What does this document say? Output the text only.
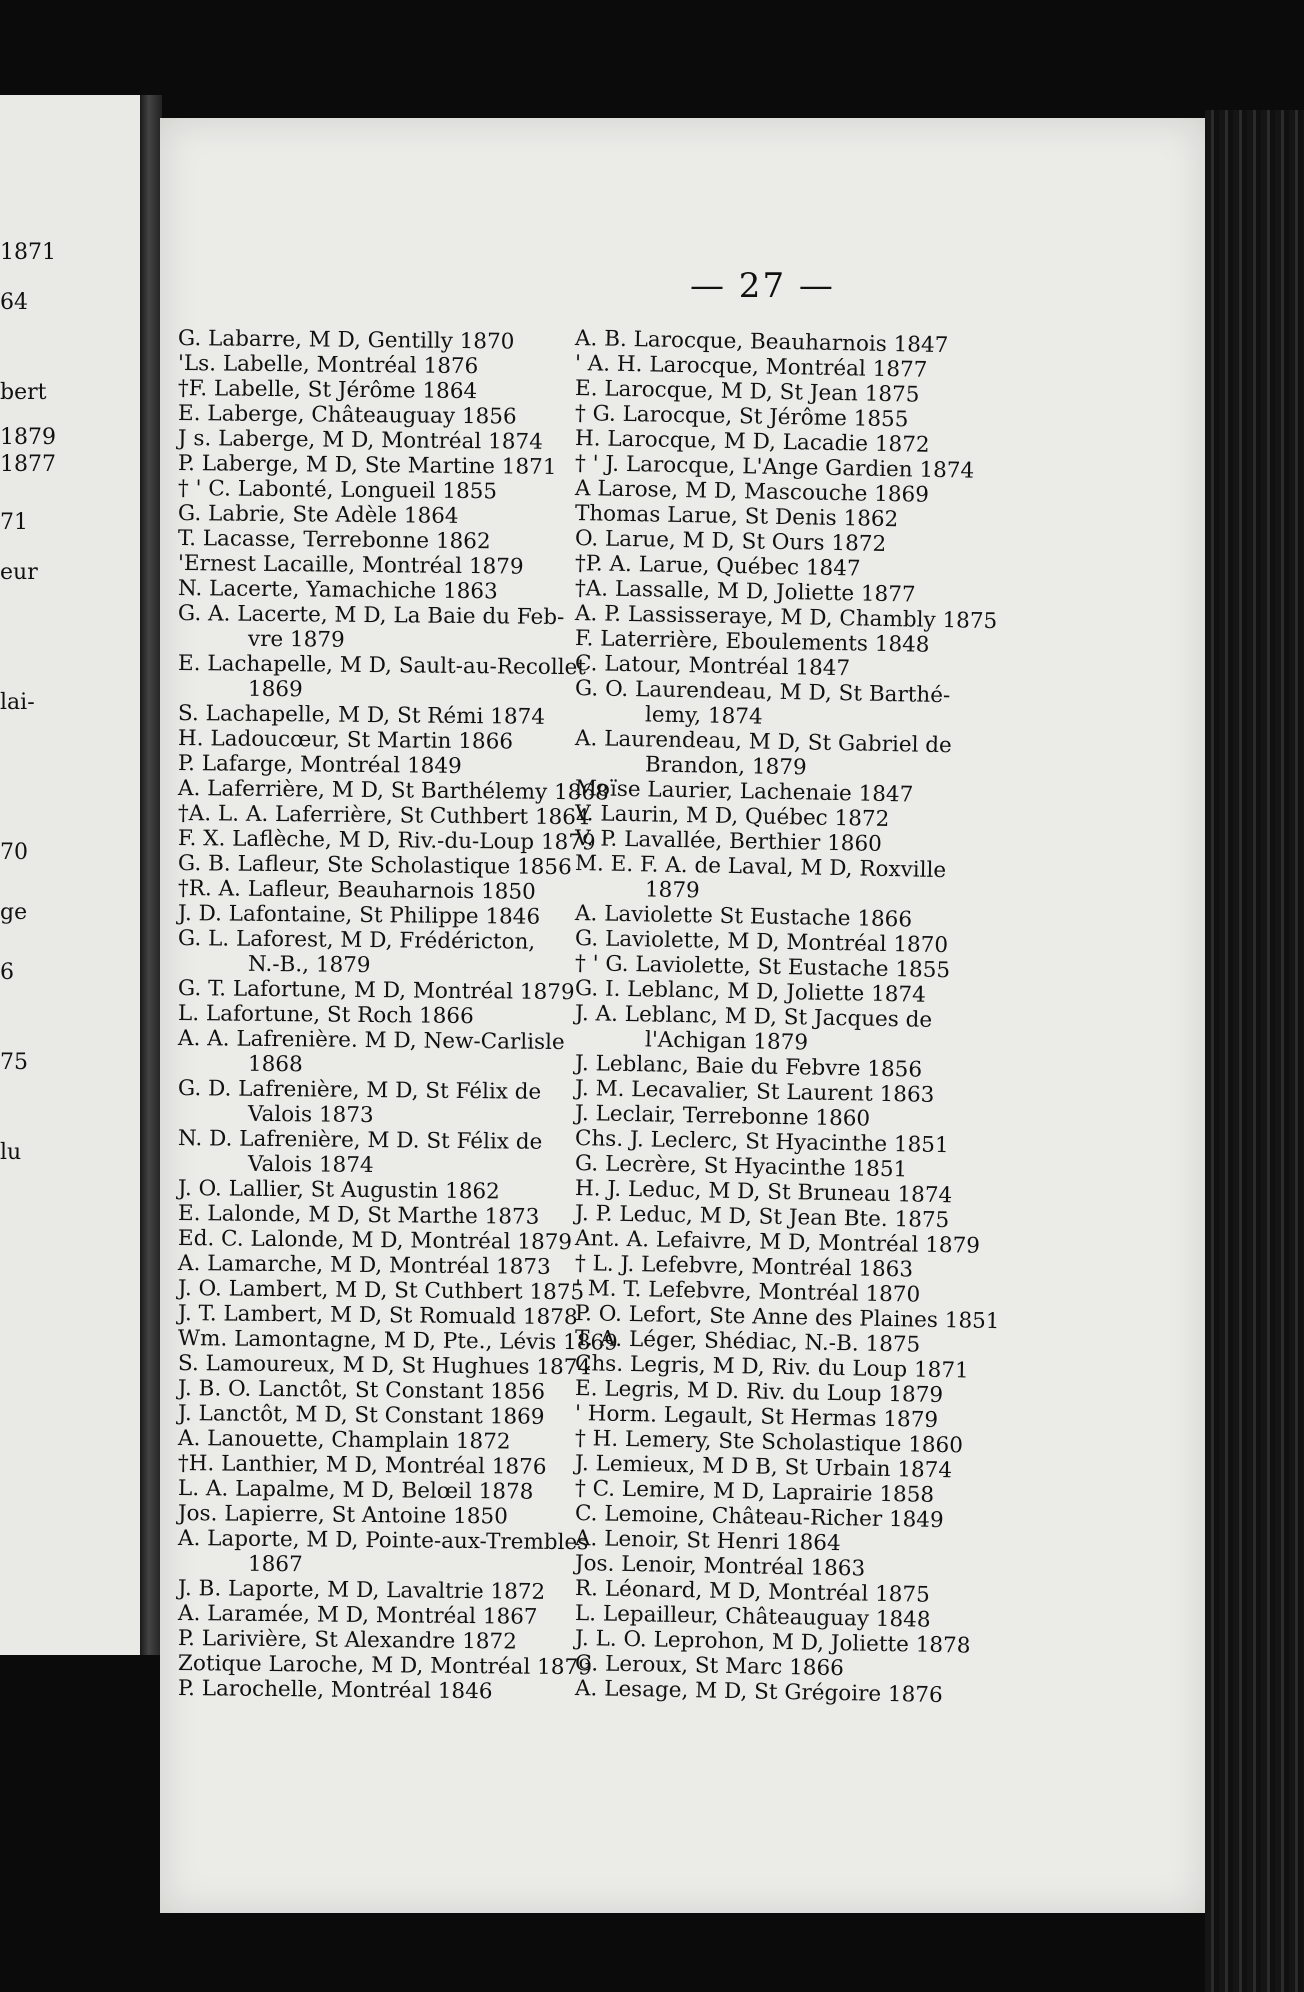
1871
64
bert
1879
1877
71
eur
lai-
70
ge
6
75
lu
— 27 —
G. Labarre, M D, Gentilly 1870
'Ls. Labelle, Montréal 1876
†F. Labelle, St Jérôme 1864
E. Laberge, Châteauguay 1856
J s. Laberge, M D, Montréal 1874
P. Laberge, M D, Ste Martine 1871
† ' C. Labonté, Longueil 1855
G. Labrie, Ste Adèle 1864
T. Lacasse, Terrebonne 1862
'Ernest Lacaille, Montréal 1879
N. Lacerte, Yamachiche 1863
G. A. Lacerte, M D, La Baie du Feb-
vre 1879
E. Lachapelle, M D, Sault-au-Recollet
1869
S. Lachapelle, M D, St Rémi 1874
H. Ladoucœur, St Martin 1866
P. Lafarge, Montréal 1849
A. Laferrière, M D, St Barthélemy 1868
†A. L. A. Laferrière, St Cuthbert 1864
F. X. Laflèche, M D, Riv.-du-Loup 1879
G. B. Lafleur, Ste Scholastique 1856
†R. A. Lafleur, Beauharnois 1850
J. D. Lafontaine, St Philippe 1846
G. L. Laforest, M D, Frédéricton,
N.-B., 1879
G. T. Lafortune, M D, Montréal 1879
L. Lafortune, St Roch 1866
A. A. Lafrenière. M D, New-Carlisle
1868
G. D. Lafrenière, M D, St Félix de
Valois 1873
N. D. Lafrenière, M D. St Félix de
Valois 1874
J. O. Lallier, St Augustin 1862
E. Lalonde, M D, St Marthe 1873
Ed. C. Lalonde, M D, Montréal 1879
A. Lamarche, M D, Montréal 1873
J. O. Lambert, M D, St Cuthbert 1875
J. T. Lambert, M D, St Romuald 1878
Wm. Lamontagne, M D, Pte., Lévis 1869
S. Lamoureux, M D, St Hughues 1874
J. B. O. Lanctôt, St Constant 1856
J. Lanctôt, M D, St Constant 1869
A. Lanouette, Champlain 1872
†H. Lanthier, M D, Montréal 1876
L. A. Lapalme, M D, Belœil 1878
Jos. Lapierre, St Antoine 1850
A. Laporte, M D, Pointe-aux-Trembles
1867
J. B. Laporte, M D, Lavaltrie 1872
A. Laramée, M D, Montréal 1867
P. Larivière, St Alexandre 1872
Zotique Laroche, M D, Montréal 1879
P. Larochelle, Montréal 1846
A. B. Larocque, Beauharnois 1847
' A. H. Larocque, Montréal 1877
E. Larocque, M D, St Jean 1875
† G. Larocque, St Jérôme 1855
H. Larocque, M D, Lacadie 1872
† ' J. Larocque, L'Ange Gardien 1874
A Larose, M D, Mascouche 1869
Thomas Larue, St Denis 1862
O. Larue, M D, St Ours 1872
†P. A. Larue, Québec 1847
†A. Lassalle, M D, Joliette 1877
A. P. Lassisseraye, M D, Chambly 1875
F. Laterrière, Eboulements 1848
C. Latour, Montréal 1847
G. O. Laurendeau, M D, St Barthé-
lemy, 1874
A. Laurendeau, M D, St Gabriel de
Brandon, 1879
Moïse Laurier, Lachenaie 1847
V. Laurin, M D, Québec 1872
V. P. Lavallée, Berthier 1860
M. E. F. A. de Laval, M D, Roxville
1879
A. Laviolette St Eustache 1866
G. Laviolette, M D, Montréal 1870
† ' G. Laviolette, St Eustache 1855
G. I. Leblanc, M D, Joliette 1874
J. A. Leblanc, M D, St Jacques de
l'Achigan 1879
J. Leblanc, Baie du Febvre 1856
J. M. Lecavalier, St Laurent 1863
J. Leclair, Terrebonne 1860
Chs. J. Leclerc, St Hyacinthe 1851
G. Lecrère, St Hyacinthe 1851
H. J. Leduc, M D, St Bruneau 1874
J. P. Leduc, M D, St Jean Bte. 1875
Ant. A. Lefaivre, M D, Montréal 1879
† L. J. Lefebvre, Montréal 1863
' M. T. Lefebvre, Montréal 1870
P. O. Lefort, Ste Anne des Plaines 1851
T. A. Léger, Shédiac, N.-B. 1875
Chs. Legris, M D, Riv. du Loup 1871
E. Legris, M D. Riv. du Loup 1879
' Horm. Legault, St Hermas 1879
† H. Lemery, Ste Scholastique 1860
J. Lemieux, M D B, St Urbain 1874
† C. Lemire, M D, Laprairie 1858
C. Lemoine, Château-Richer 1849
A. Lenoir, St Henri 1864
Jos. Lenoir, Montréal 1863
R. Léonard, M D, Montréal 1875
L. Lepailleur, Châteauguay 1848
J. L. O. Leprohon, M D, Joliette 1878
G. Leroux, St Marc 1866
A. Lesage, M D, St Grégoire 1876
